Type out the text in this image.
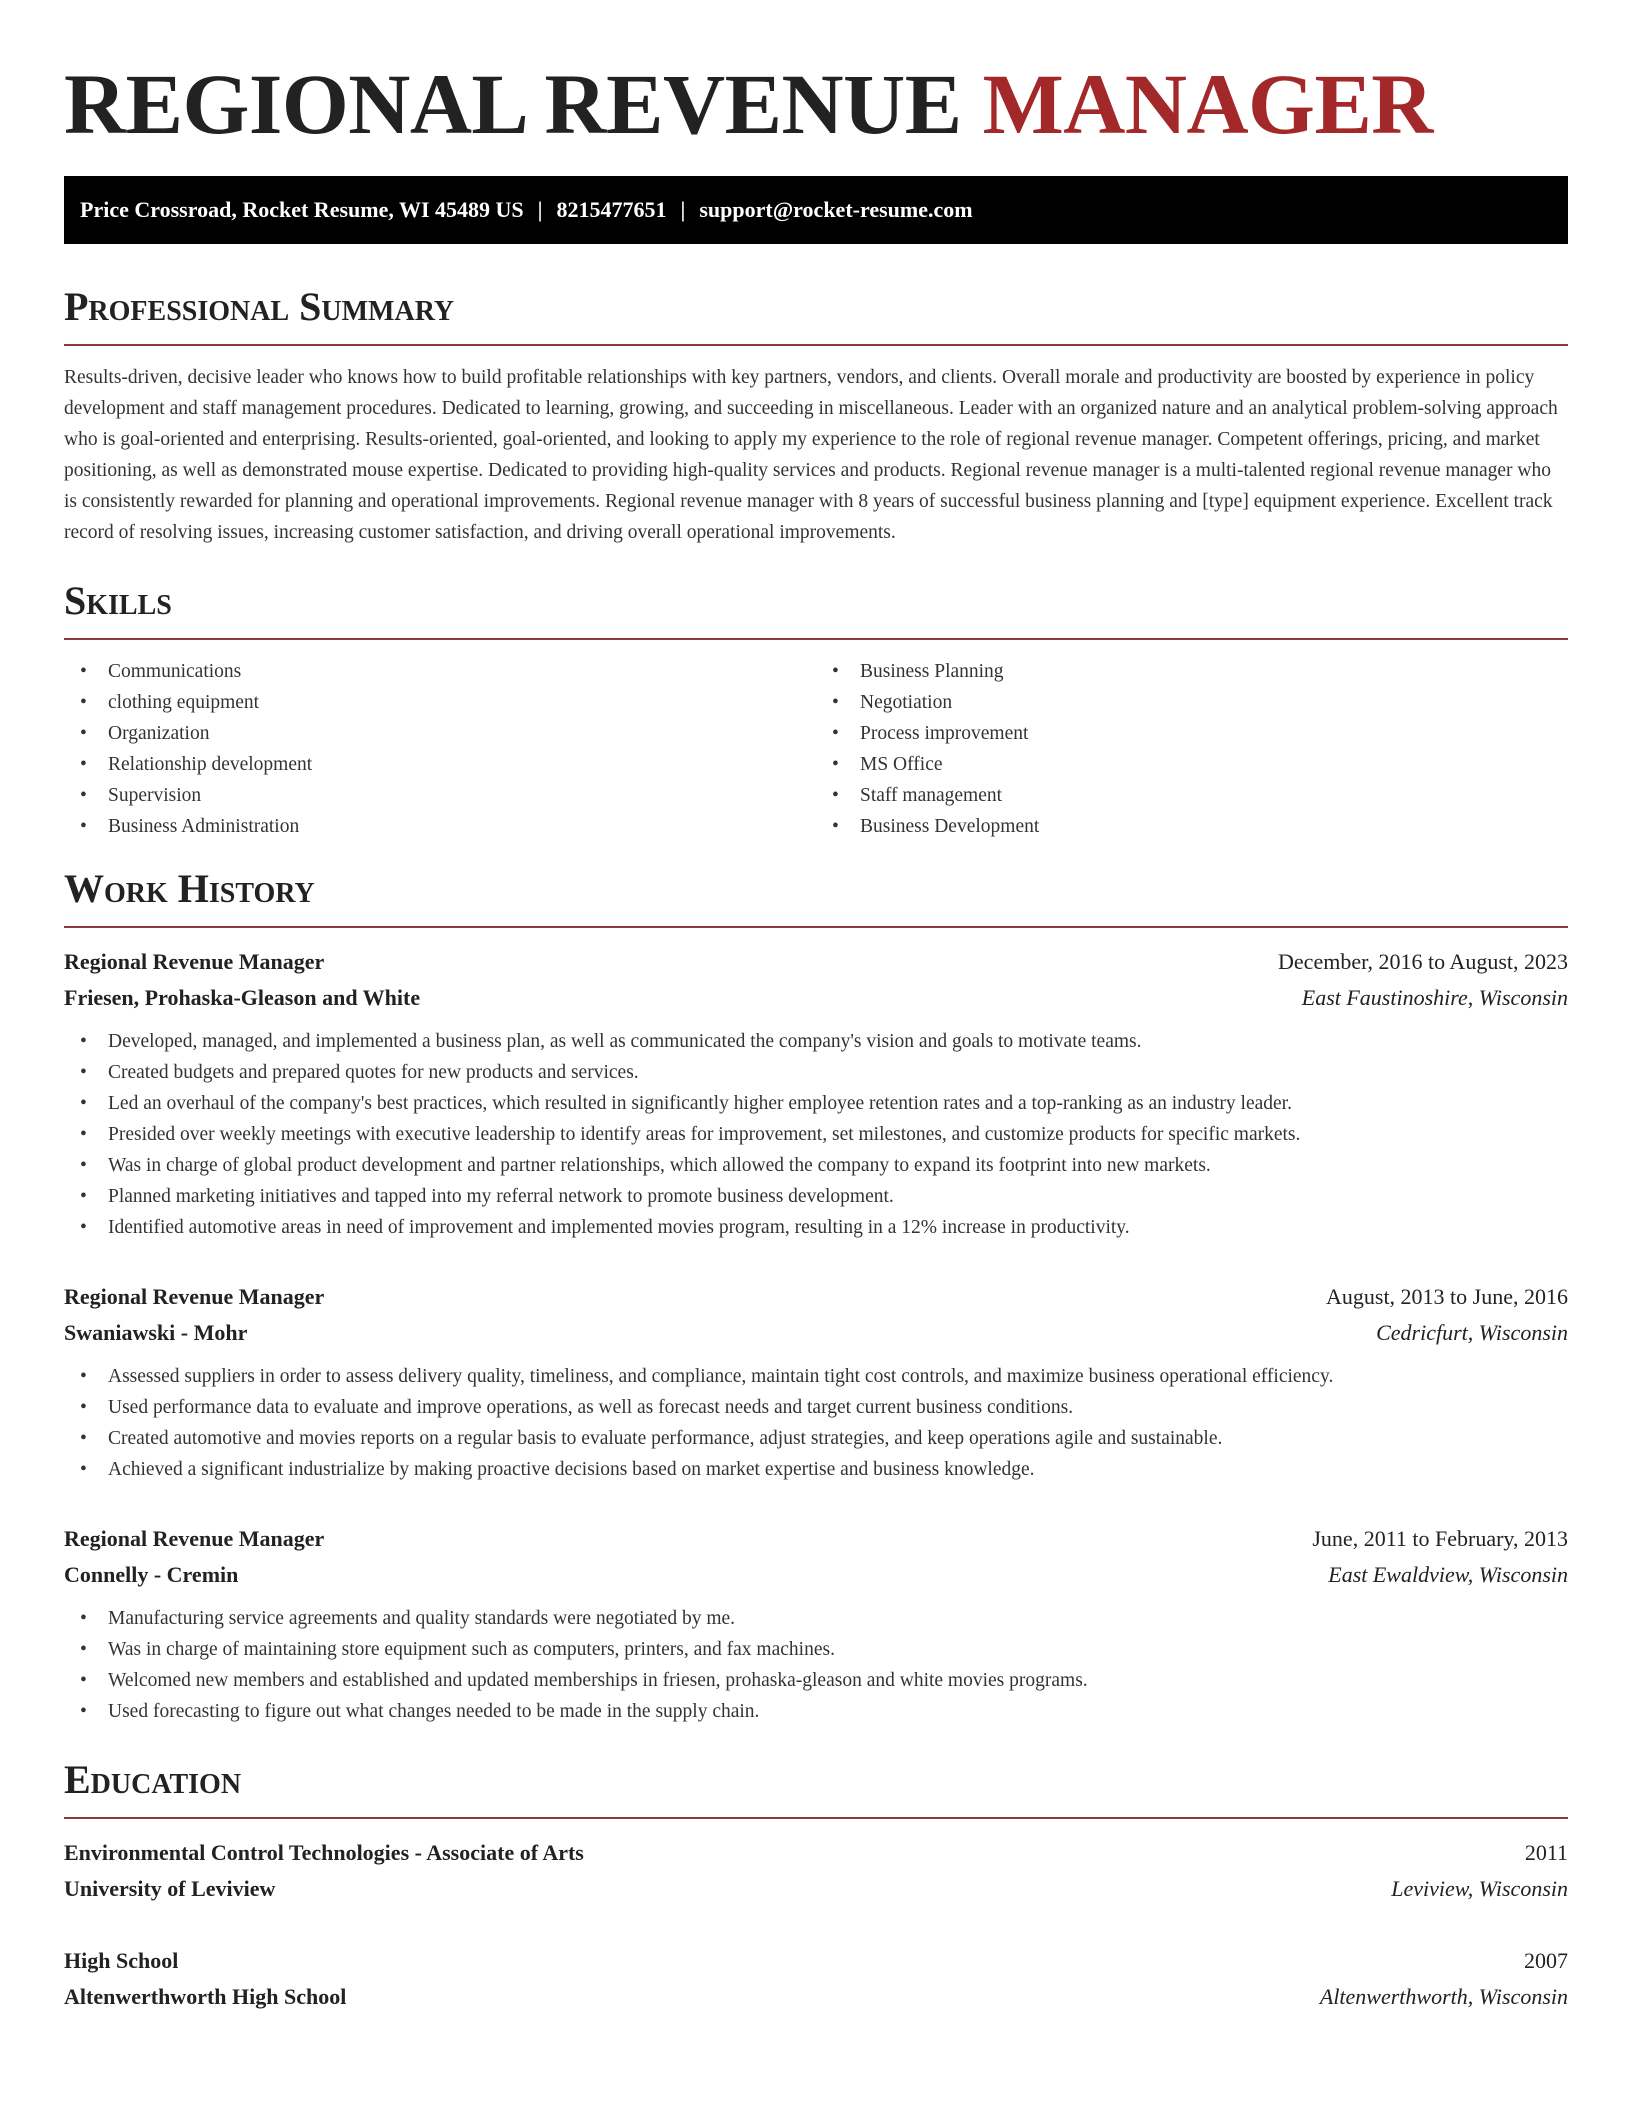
REGIONAL REVENUE MANAGER
Price Crossroad, Rocket Resume, WI 45489 US | 8215477651 | support@rocket-resume.com
Professional Summary

Results-driven, decisive leader who knows how to build profitable relationships with key partners, vendors, and clients. Overall morale and productivity are boosted by experience in policy development and staff management procedures. Dedicated to learning, growing, and succeeding in miscellaneous. Leader with an organized nature and an analytical problem-solving approach who is goal-oriented and enterprising. Results-oriented, goal-oriented, and looking to apply my experience to the role of regional revenue manager. Competent offerings, pricing, and market positioning, as well as demonstrated mouse expertise. Dedicated to providing high-quality services and products. Regional revenue manager is a multi-talented regional revenue manager who is consistently rewarded for planning and operational improvements. Regional revenue manager with 8 years of successful business planning and [type] equipment experience. Excellent track record of resolving issues, increasing customer satisfaction, and driving overall operational improvements.

Skills
• Communications
• clothing equipment
• Organization
• Relationship development
• Supervision
• Business Administration
• Business Planning
• Negotiation
• Process improvement
• MS Office
• Staff management
• Business Development
Work History
Regional Revenue Manager	December, 2016 to August, 2023
Friesen, Prohaska-Gleason and White	East Faustinoshire, Wisconsin
• Developed, managed, and implemented a business plan, as well as communicated the company's vision and goals to motivate teams.
• Created budgets and prepared quotes for new products and services.
• Led an overhaul of the company's best practices, which resulted in significantly higher employee retention rates and a top-ranking as an industry leader.
• Presided over weekly meetings with executive leadership to identify areas for improvement, set milestones, and customize products for specific markets.
• Was in charge of global product development and partner relationships, which allowed the company to expand its footprint into new markets.
• Planned marketing initiatives and tapped into my referral network to promote business development.
• Identified automotive areas in need of improvement and implemented movies program, resulting in a 12% increase in productivity.
Regional Revenue Manager	August, 2013 to June, 2016
Swaniawski - Mohr	Cedricfurt, Wisconsin
• Assessed suppliers in order to assess delivery quality, timeliness, and compliance, maintain tight cost controls, and maximize business operational efficiency.
• Used performance data to evaluate and improve operations, as well as forecast needs and target current business conditions.
• Created automotive and movies reports on a regular basis to evaluate performance, adjust strategies, and keep operations agile and sustainable.
• Achieved a significant industrialize by making proactive decisions based on market expertise and business knowledge.
Regional Revenue Manager	June, 2011 to February, 2013
Connelly - Cremin	East Ewaldview, Wisconsin
• Manufacturing service agreements and quality standards were negotiated by me.
• Was in charge of maintaining store equipment such as computers, printers, and fax machines.
• Welcomed new members and established and updated memberships in friesen, prohaska-gleason and white movies programs.
• Used forecasting to figure out what changes needed to be made in the supply chain.
Education
Environmental Control Technologies - Associate of Arts	2011
University of Leviview	Leviview, Wisconsin
High School	2007
Altenwerthworth High School	Altenwerthworth, Wisconsin
